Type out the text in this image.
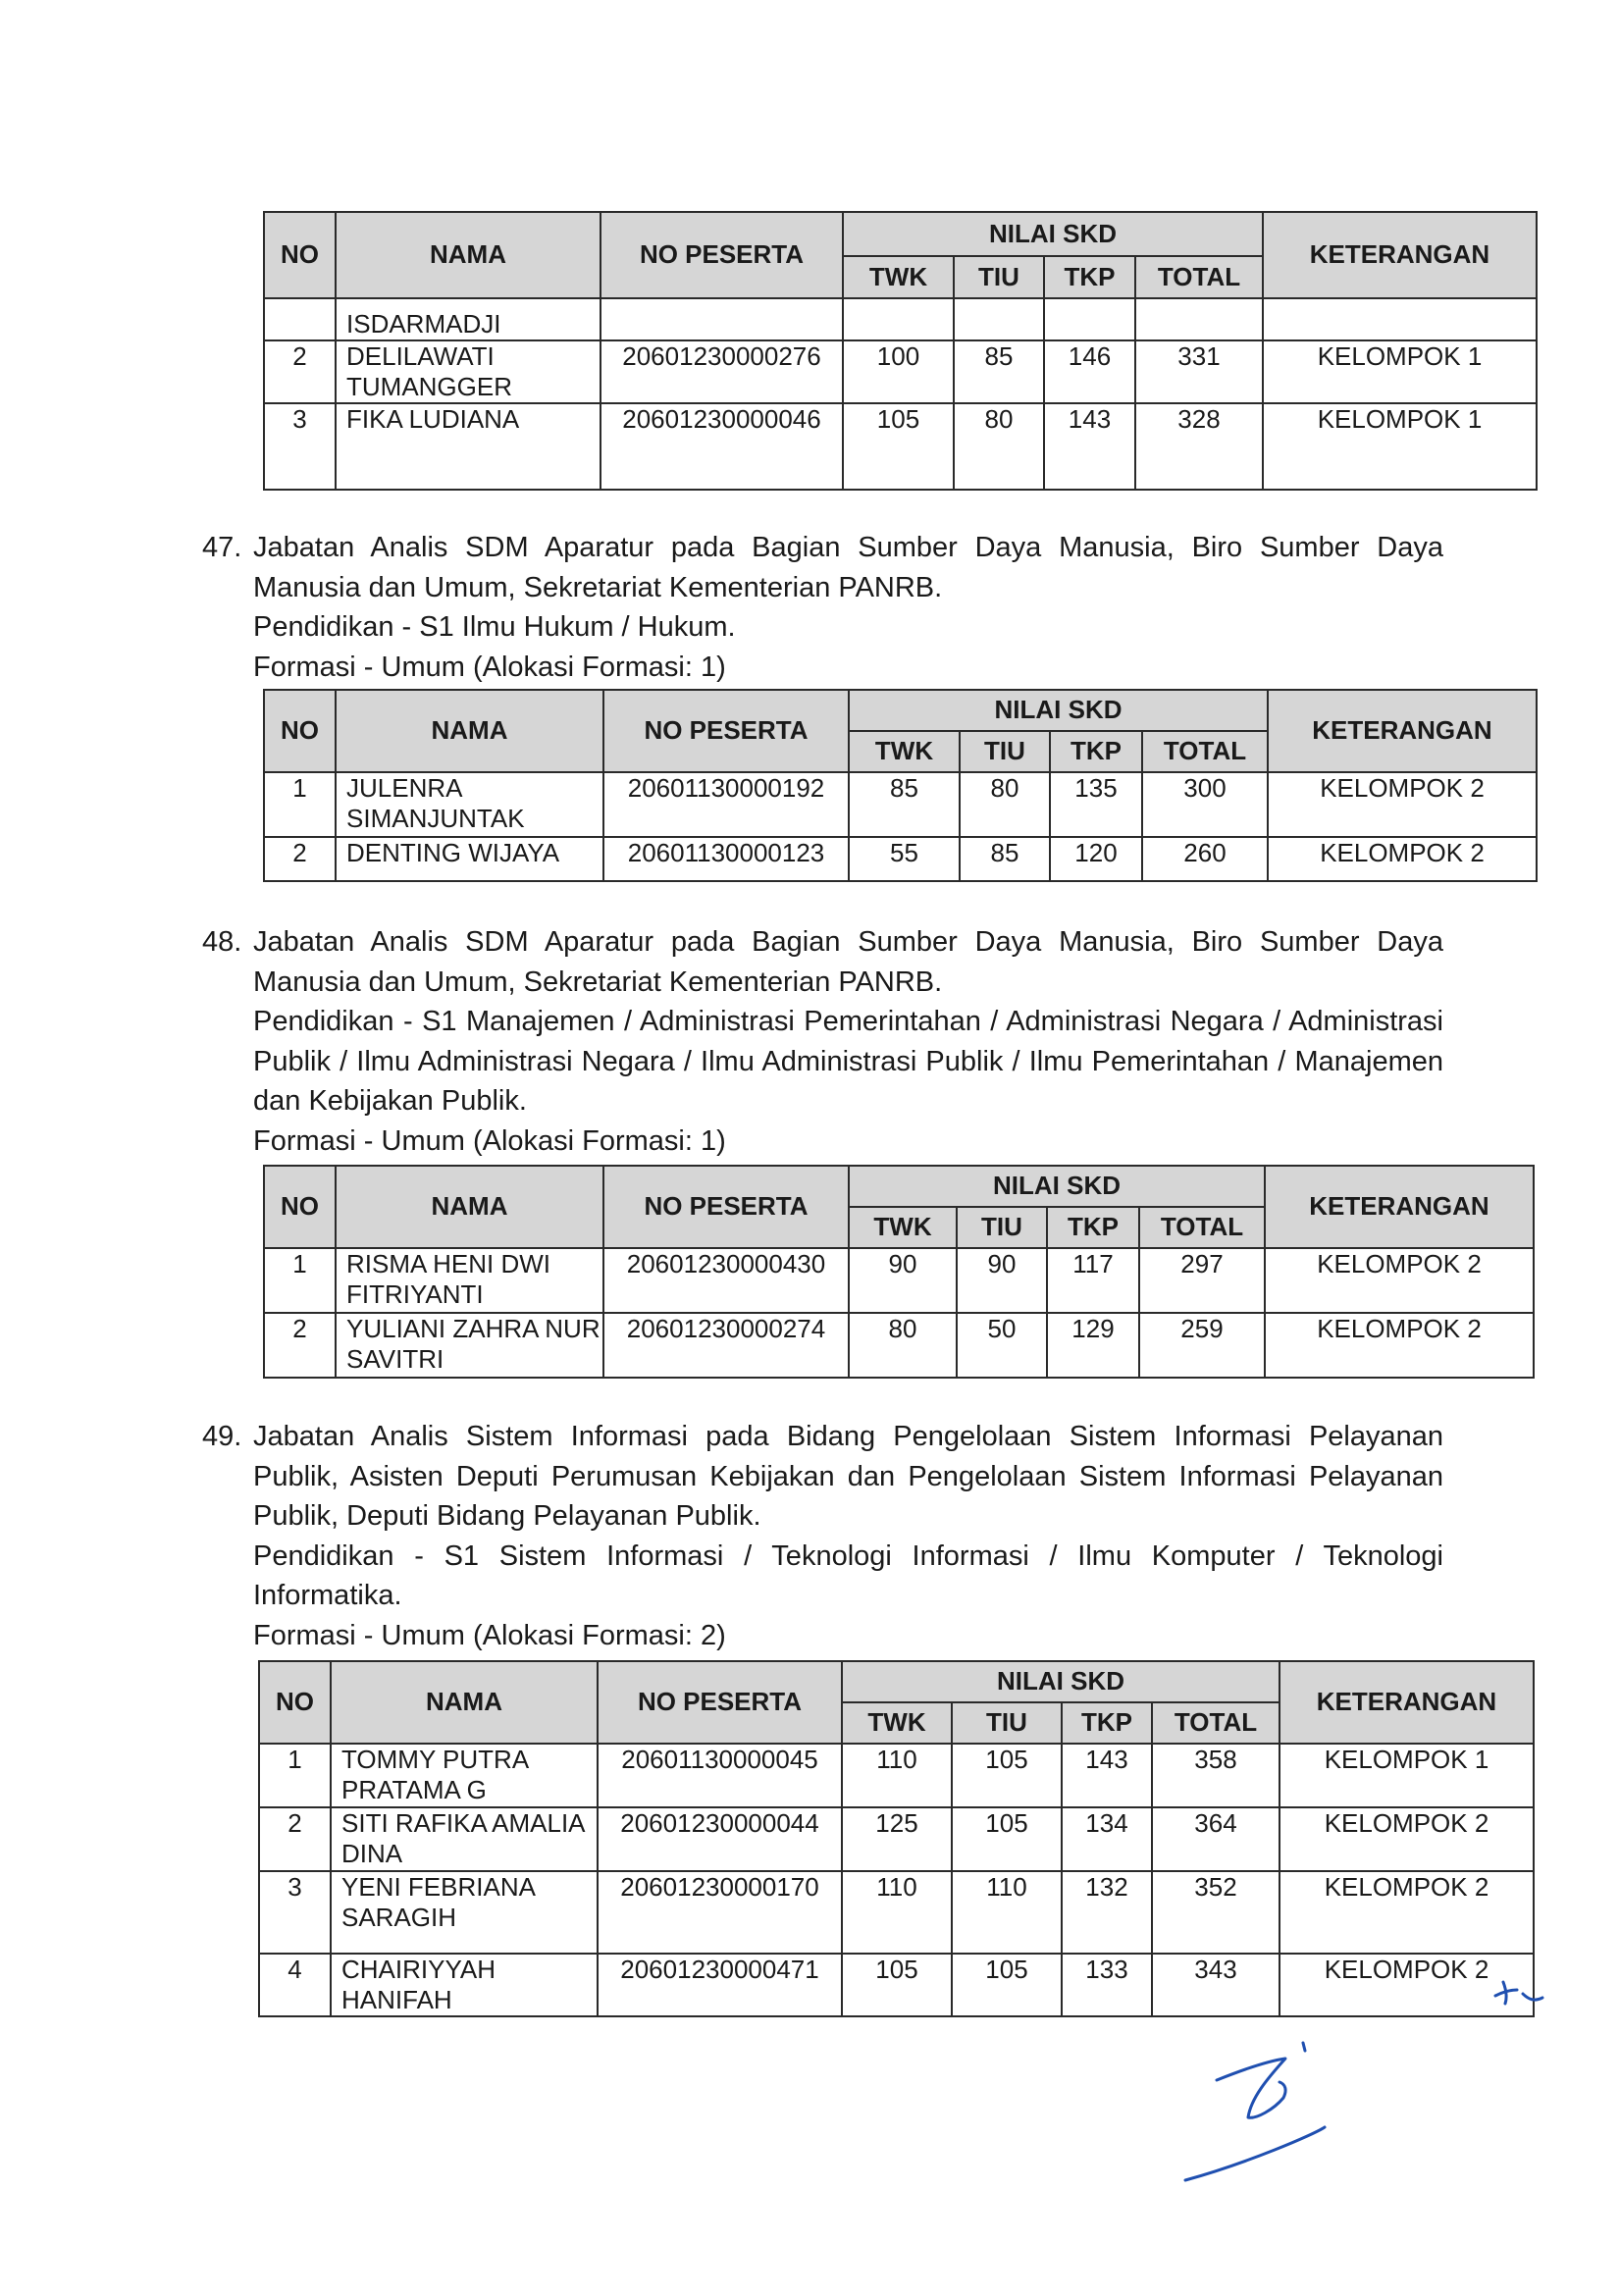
NO	NAMA	NO PESERTA	NILAI SKD				KETERANGAN
			TWK	TIU	TKP	TOTAL	
	ISDARMADJI						
2	DELILAWATI TUMANGGER	20601230000276	100	85	146	331	KELOMPOK 1
3	FIKA LUDIANA	20601230000046	105	80	143	328	KELOMPOK 1
47. Jabatan Analis SDM Aparatur pada Bagian Sumber Daya Manusia, Biro Sumber Daya Manusia dan Umum, Sekretariat Kementerian PANRB.
Pendidikan - S1 Ilmu Hukum / Hukum.
Formasi - Umum (Alokasi Formasi: 1)
NO	NAMA	NO PESERTA	NILAI SKD				KETERANGAN
			TWK	TIU	TKP	TOTAL	
1	JULENRA SIMANJUNTAK	20601130000192	85	80	135	300	KELOMPOK 2
2	DENTING WIJAYA	20601130000123	55	85	120	260	KELOMPOK 2
48. Jabatan Analis SDM Aparatur pada Bagian Sumber Daya Manusia, Biro Sumber Daya Manusia dan Umum, Sekretariat Kementerian PANRB.
Pendidikan - S1 Manajemen / Administrasi Pemerintahan / Administrasi Negara / Administrasi Publik / Ilmu Administrasi Negara / Ilmu Administrasi Publik / Ilmu Pemerintahan / Manajemen dan Kebijakan Publik.
Formasi - Umum (Alokasi Formasi: 1)
NO	NAMA	NO PESERTA	NILAI SKD				KETERANGAN
			TWK	TIU	TKP	TOTAL	
1	RISMA HENI DWI FITRIYANTI	20601230000430	90	90	117	297	KELOMPOK 2
2	YULIANI ZAHRA NUR SAVITRI	20601230000274	80	50	129	259	KELOMPOK 2
49. Jabatan Analis Sistem Informasi pada Bidang Pengelolaan Sistem Informasi Pelayanan Publik, Asisten Deputi Perumusan Kebijakan dan Pengelolaan Sistem Informasi Pelayanan Publik, Deputi Bidang Pelayanan Publik.
Pendidikan - S1 Sistem Informasi / Teknologi Informasi / Ilmu Komputer / Teknologi Informatika.
Formasi - Umum (Alokasi Formasi: 2)
NO	NAMA	NO PESERTA	NILAI SKD				KETERANGAN
			TWK	TIU	TKP	TOTAL	
1	TOMMY PUTRA PRATAMA G	20601130000045	110	105	143	358	KELOMPOK 1
2	SITI RAFIKA AMALIA DINA	20601230000044	125	105	134	364	KELOMPOK 2
3	YENI FEBRIANA SARAGIH	20601230000170	110	110	132	352	KELOMPOK 2
4	CHAIRIYYAH HANIFAH	20601230000471	105	105	133	343	KELOMPOK 2
